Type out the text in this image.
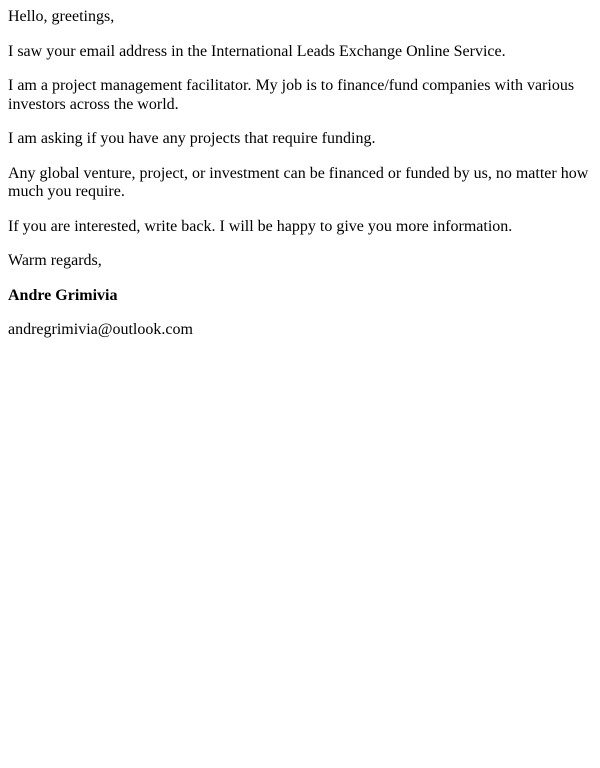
Hello, greetings,

I saw your email address in the International Leads Exchange Online Service.

I am a project management facilitator. My job is to finance/fund companies with various investors across the world.

I am asking if you have any projects that require funding.

Any global venture, project, or investment can be financed or funded by us, no matter how much you require.

If you are interested, write back. I will be happy to give you more information.

Warm regards,

Andre Grimivia

andregrimivia@outlook.com
